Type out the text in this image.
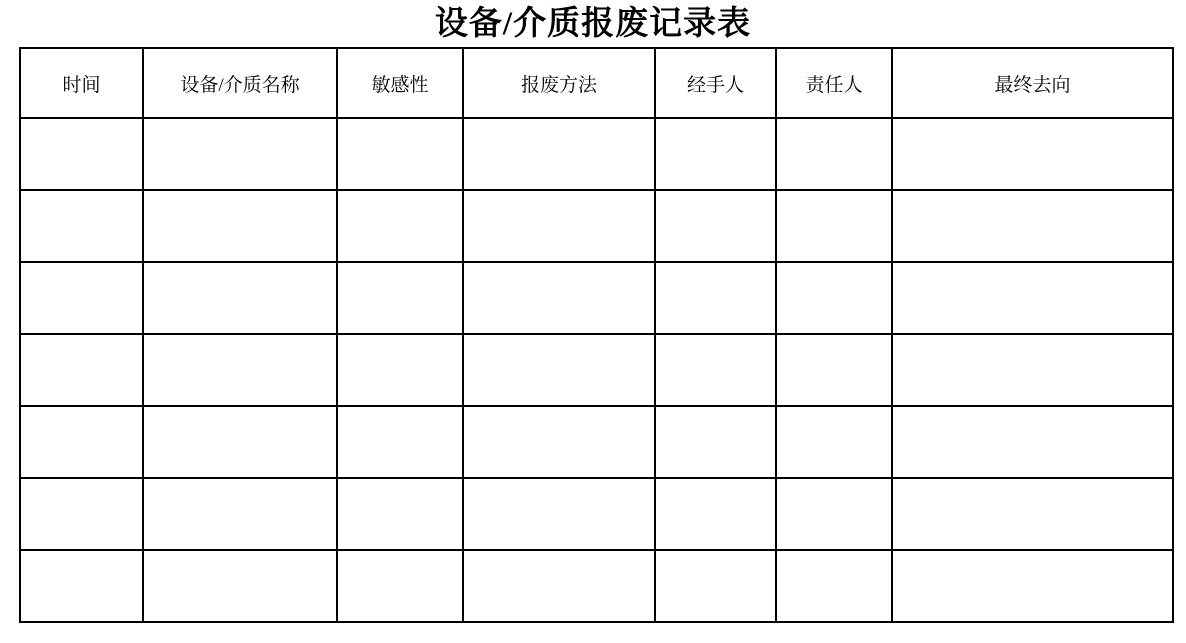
设备/介质报废记录表
时间	设备/介质名称	敏感性	报废方法	经手人	责任人	最终去向
